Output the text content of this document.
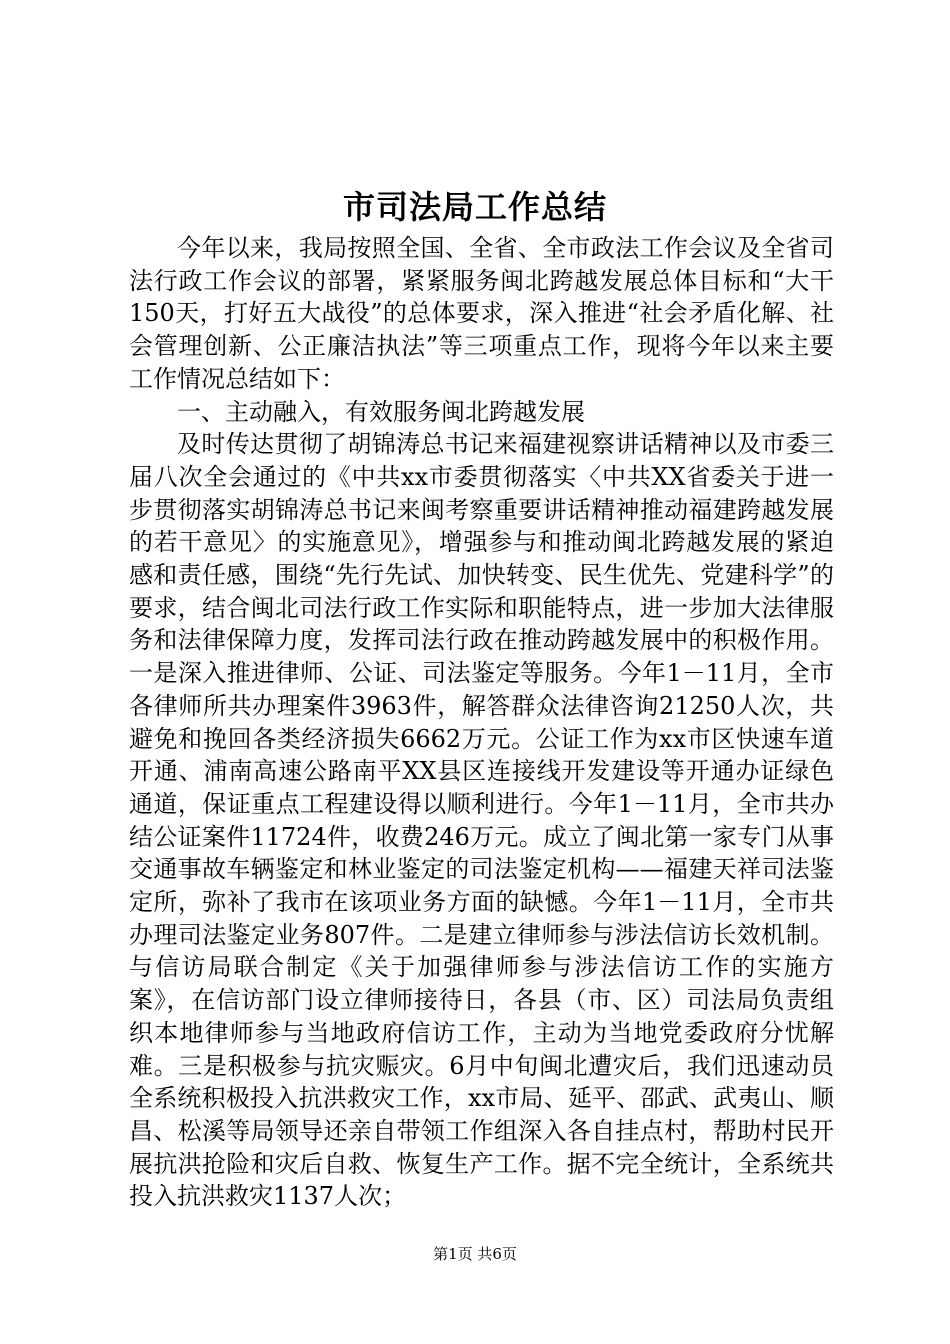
市司法局工作总结

今年以来，我局按照全国、全省、全市政法工作会议及全省司法行政工作会议的部署，紧紧服务闽北跨越发展总体目标和“大干150天，打好五大战役”的总体要求，深入推进“社会矛盾化解、社会管理创新、公正廉洁执法”等三项重点工作，现将今年以来主要工作情况总结如下：

一、主动融入，有效服务闽北跨越发展

及时传达贯彻了胡锦涛总书记来福建视察讲话精神以及市委三届八次全会通过的《中共xx市委贯彻落实〈中共XX省委关于进一步贯彻落实胡锦涛总书记来闽考察重要讲话精神推动福建跨越发展的若干意见〉的实施意见》，增强参与和推动闽北跨越发展的紧迫感和责任感，围绕“先行先试、加快转变、民生优先、党建科学”的要求，结合闽北司法行政工作实际和职能特点，进一步加大法律服务和法律保障力度，发挥司法行政在推动跨越发展中的积极作用。一是深入推进律师、公证、司法鉴定等服务。今年1－11月，全市各律师所共办理案件3963件，解答群众法律咨询21250人次，共避免和挽回各类经济损失6662万元。公证工作为xx市区快速车道开通、浦南高速公路南平XX县区连接线开发建设等开通办证绿色通道，保证重点工程建设得以顺利进行。今年1－11月，全市共办结公证案件11724件，收费246万元。成立了闽北第一家专门从事交通事故车辆鉴定和林业鉴定的司法鉴定机构——福建天祥司法鉴定所，弥补了我市在该项业务方面的缺憾。今年1－11月，全市共办理司法鉴定业务807件。二是建立律师参与涉法信访长效机制。与信访局联合制定《关于加强律师参与涉法信访工作的实施方案》，在信访部门设立律师接待日，各县（市、区）司法局负责组织本地律师参与当地政府信访工作，主动为当地党委政府分忧解难。三是积极参与抗灾赈灾。6月中旬闽北遭灾后，我们迅速动员全系统积极投入抗洪救灾工作，xx市局、延平、邵武、武夷山、顺昌、松溪等局领导还亲自带领工作组深入各自挂点村，帮助村民开展抗洪抢险和灾后自救、恢复生产工作。据不完全统计，全系统共投入抗洪救灾1137人次；

第1页 共6页
